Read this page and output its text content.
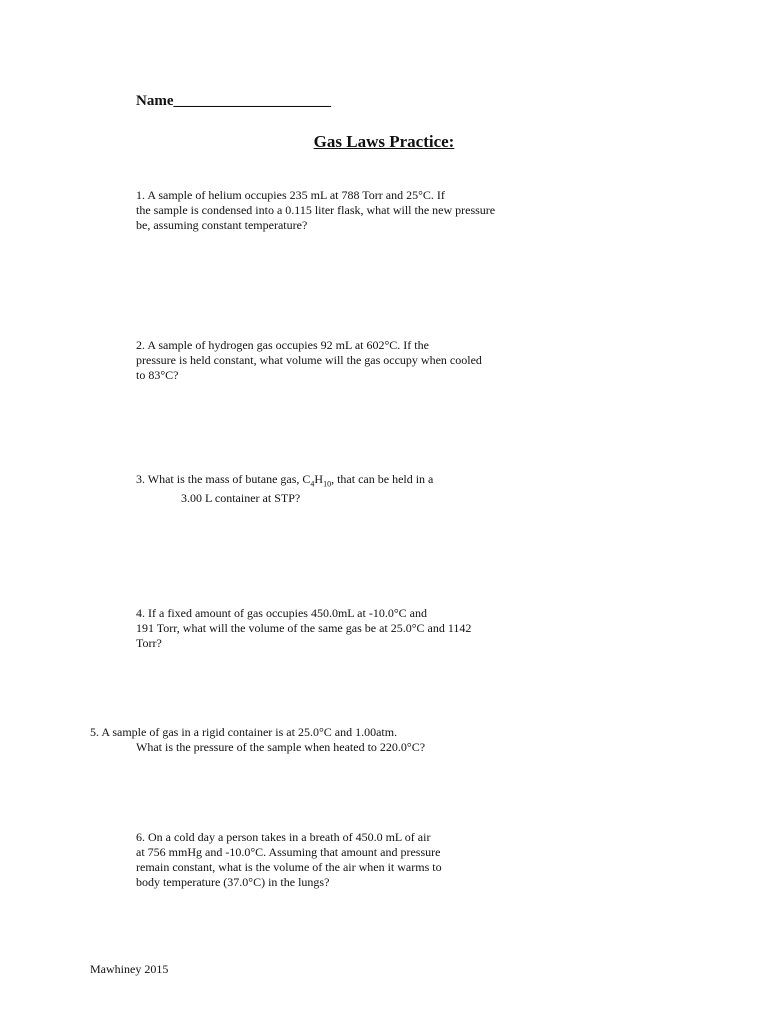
Name_____________________
Gas Laws Practice:
1. A sample of helium occupies 235 mL at 788 Torr and 25°C. If
the sample is condensed into a 0.115 liter flask, what will the new pressure
be, assuming constant temperature?
2. A sample of hydrogen gas occupies 92 mL at 602°C. If the
pressure is held constant, what volume will the gas occupy when cooled
to 83°C?
3. What is the mass of butane gas, $C_4H_{10}$, that can be held in a
3.00 L container at STP?
4. If a fixed amount of gas occupies 450.0mL at -10.0°C and
191 Torr, what will the volume of the same gas be at 25.0°C and 1142
Torr?
5. A sample of gas in a rigid container is at 25.0°C and 1.00atm.
What is the pressure of the sample when heated to 220.0°C?
6. On a cold day a person takes in a breath of 450.0 mL of air
at 756 mmHg and -10.0°C. Assuming that amount and pressure
remain constant, what is the volume of the air when it warms to
body temperature (37.0°C) in the lungs?
Mawhiney 2015
